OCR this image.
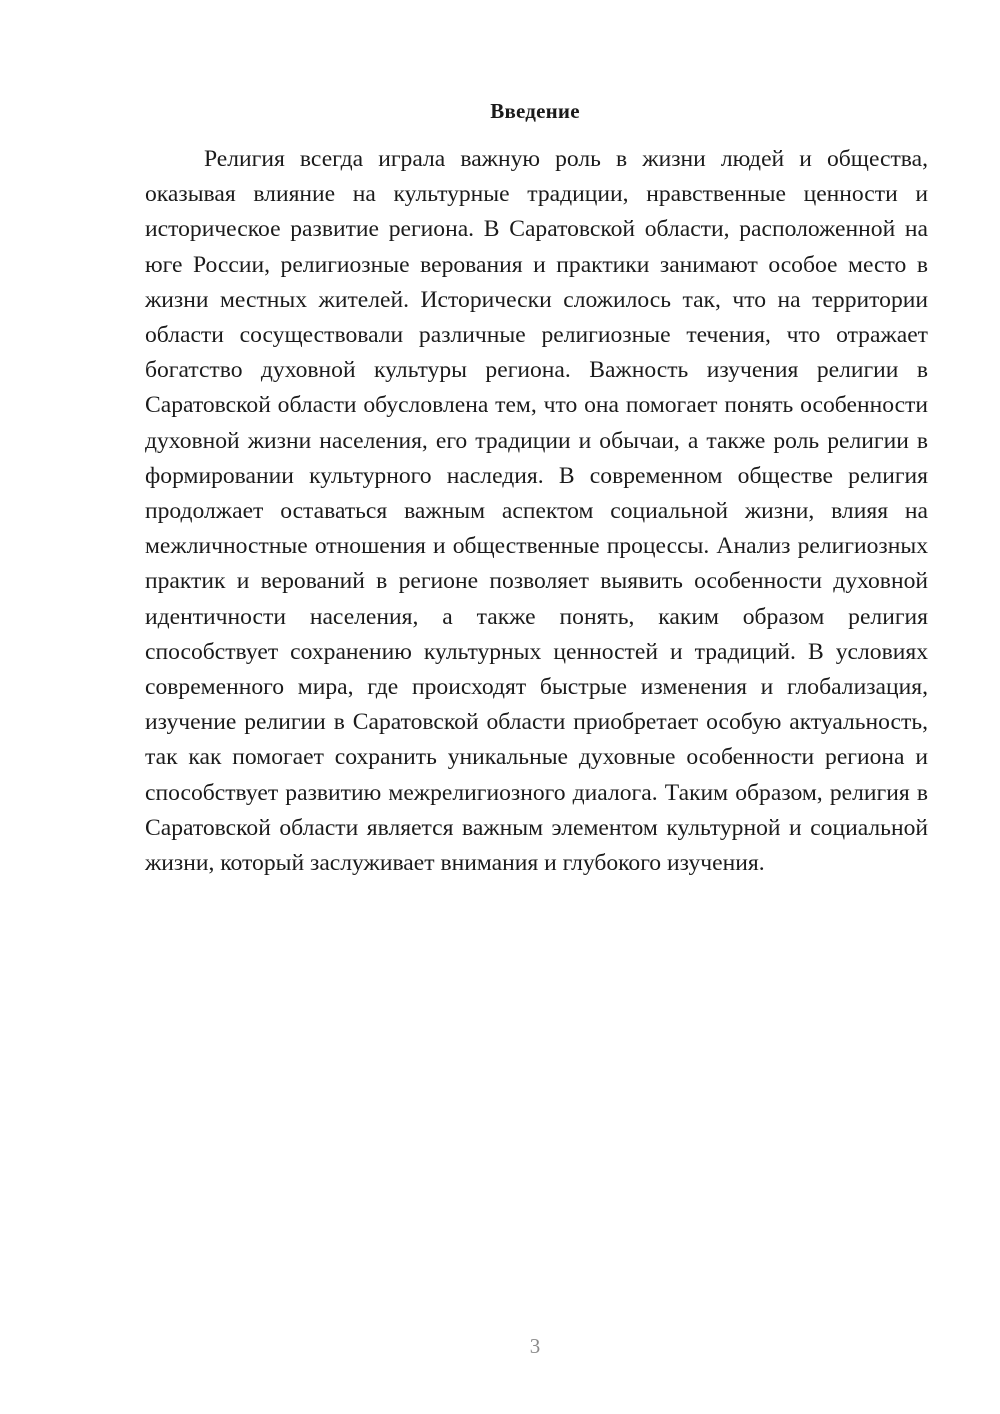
Введение

Религия всегда играла важную роль в жизни людей и общества, оказывая влияние на культурные традиции, нравственные ценности и историческое развитие региона. В Саратовской области, расположенной на юге России, религиозные верования и практики занимают особое место в жизни местных жителей. Исторически сложилось так, что на территории области сосуществовали различные религиозные течения, что отражает богатство духовной культуры региона. Важность изучения религии в Саратовской области обусловлена тем, что она помогает понять особенности духовной жизни населения, его традиции и обычаи, а также роль религии в формировании культурного наследия. В современном обществе религия продолжает оставаться важным аспектом социальной жизни, влияя на межличностные отношения и общественные процессы. Анализ религиозных практик и верований в регионе позволяет выявить особенности духовной идентичности населения, а также понять, каким образом религия способствует сохранению культурных ценностей и традиций. В условиях современного мира, где происходят быстрые изменения и глобализация, изучение религии в Саратовской области приобретает особую актуальность, так как помогает сохранить уникальные духовные особенности региона и способствует развитию межрелигиозного диалога. Таким образом, религия в Саратовской области является важным элементом культурной и социальной жизни, который заслуживает внимания и глубокого изучения.

3
